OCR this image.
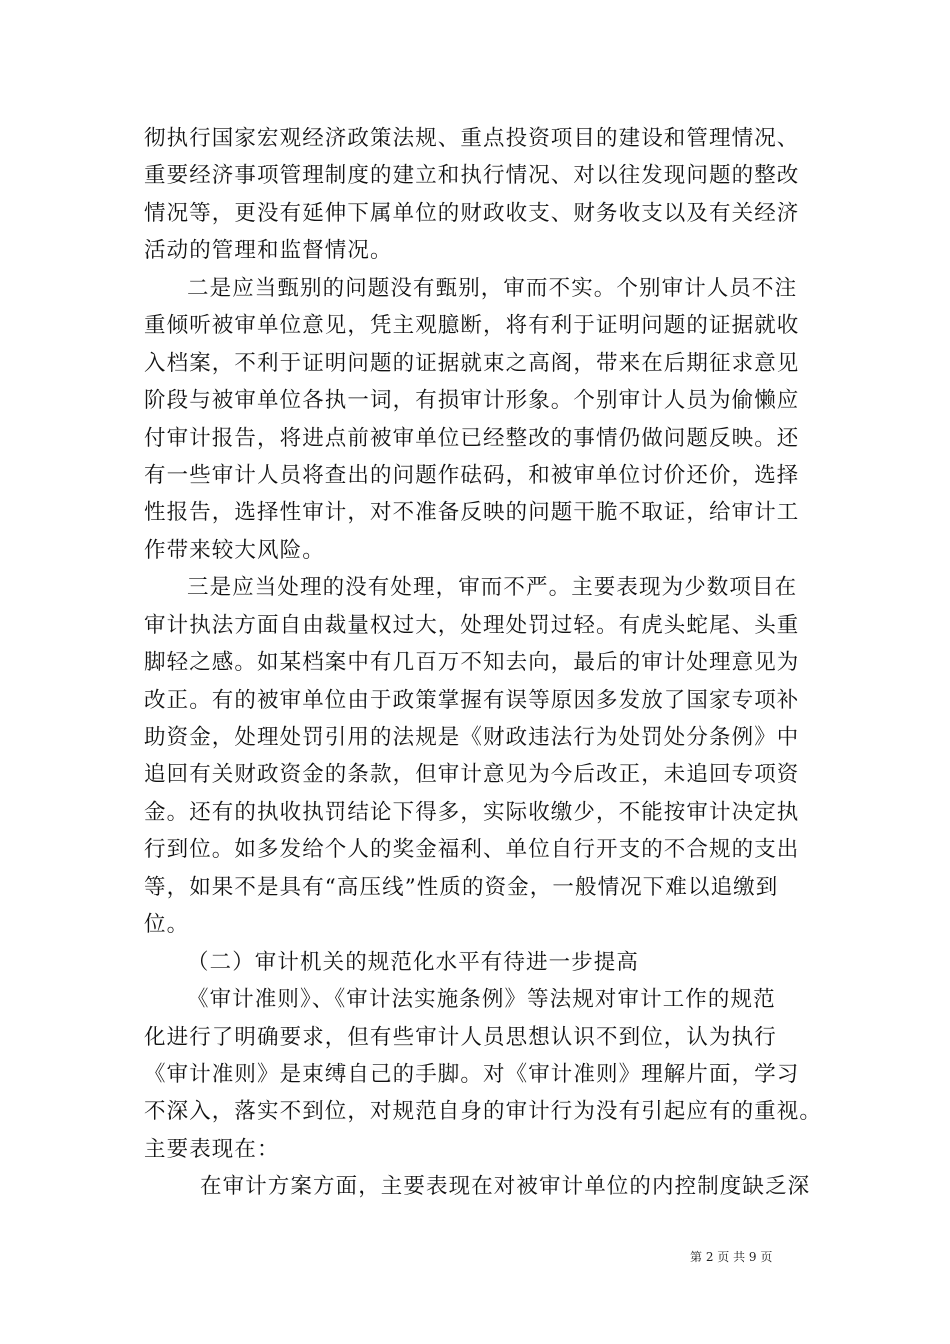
彻执行国家宏观经济政策法规、重点投资项目的建设和管理情况、
重要经济事项管理制度的建立和执行情况、对以往发现问题的整改
情况等，更没有延伸下属单位的财政收支、财务收支以及有关经济
活动的管理和监督情况。
二是应当甄别的问题没有甄别，审而不实。个别审计人员不注
重倾听被审单位意见，凭主观臆断，将有利于证明问题的证据就收
入档案，不利于证明问题的证据就束之高阁，带来在后期征求意见
阶段与被审单位各执一词，有损审计形象。个别审计人员为偷懒应
付审计报告，将进点前被审单位已经整改的事情仍做问题反映。还
有一些审计人员将查出的问题作砝码，和被审单位讨价还价，选择
性报告，选择性审计，对不准备反映的问题干脆不取证，给审计工
作带来较大风险。
三是应当处理的没有处理，审而不严。主要表现为少数项目在
审计执法方面自由裁量权过大，处理处罚过轻。有虎头蛇尾、头重
脚轻之感。如某档案中有几百万不知去向，最后的审计处理意见为
改正。有的被审单位由于政策掌握有误等原因多发放了国家专项补
助资金，处理处罚引用的法规是《财政违法行为处罚处分条例》中
追回有关财政资金的条款，但审计意见为今后改正，未追回专项资
金。还有的执收执罚结论下得多，实际收缴少，不能按审计决定执
行到位。如多发给个人的奖金福利、单位自行开支的不合规的支出
等，如果不是具有“高压线”性质的资金，一般情况下难以追缴到
位。
（二）审计机关的规范化水平有待进一步提高
《审计准则》、《审计法实施条例》等法规对审计工作的规范
化进行了明确要求，但有些审计人员思想认识不到位，认为执行
《审计准则》是束缚自己的手脚。对《审计准则》理解片面，学习
不深入，落实不到位，对规范自身的审计行为没有引起应有的重视。
主要表现在：
在审计方案方面，主要表现在对被审计单位的内控制度缺乏深
第 2 页 共 9 页
